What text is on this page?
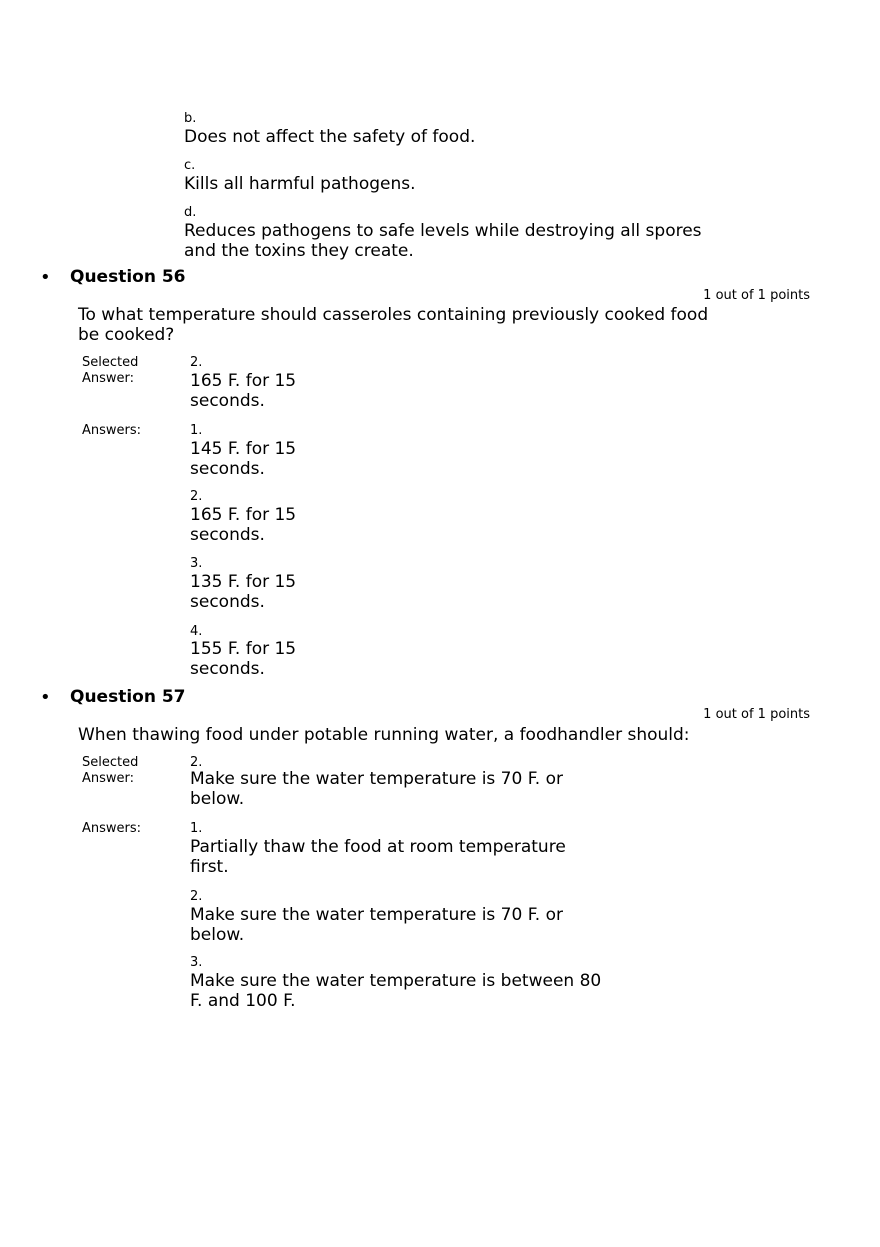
b.
Does not affect the safety of food.
c.
Kills all harmful pathogens.
d.
Reduces pathogens to safe levels while destroying all spores
and the toxins they create.
• Question 56
1 out of 1 points
To what temperature should casseroles containing previously cooked food
be cooked?
Selected
Answer:
2.
165 F. for 15
seconds.
Answers:	1.
145 F. for 15
seconds.
2.
165 F. for 15
seconds.
3.
135 F. for 15
seconds.
4.
155 F. for 15
seconds.
• Question 57
1 out of 1 points
When thawing food under potable running water, a foodhandler should:
Selected
Answer:
2.
Make sure the water temperature is 70 F. or
below.
Answers:	1.
Partially thaw the food at room temperature
first.
2.
Make sure the water temperature is 70 F. or
below.
3.
Make sure the water temperature is between 80
F. and 100 F.
